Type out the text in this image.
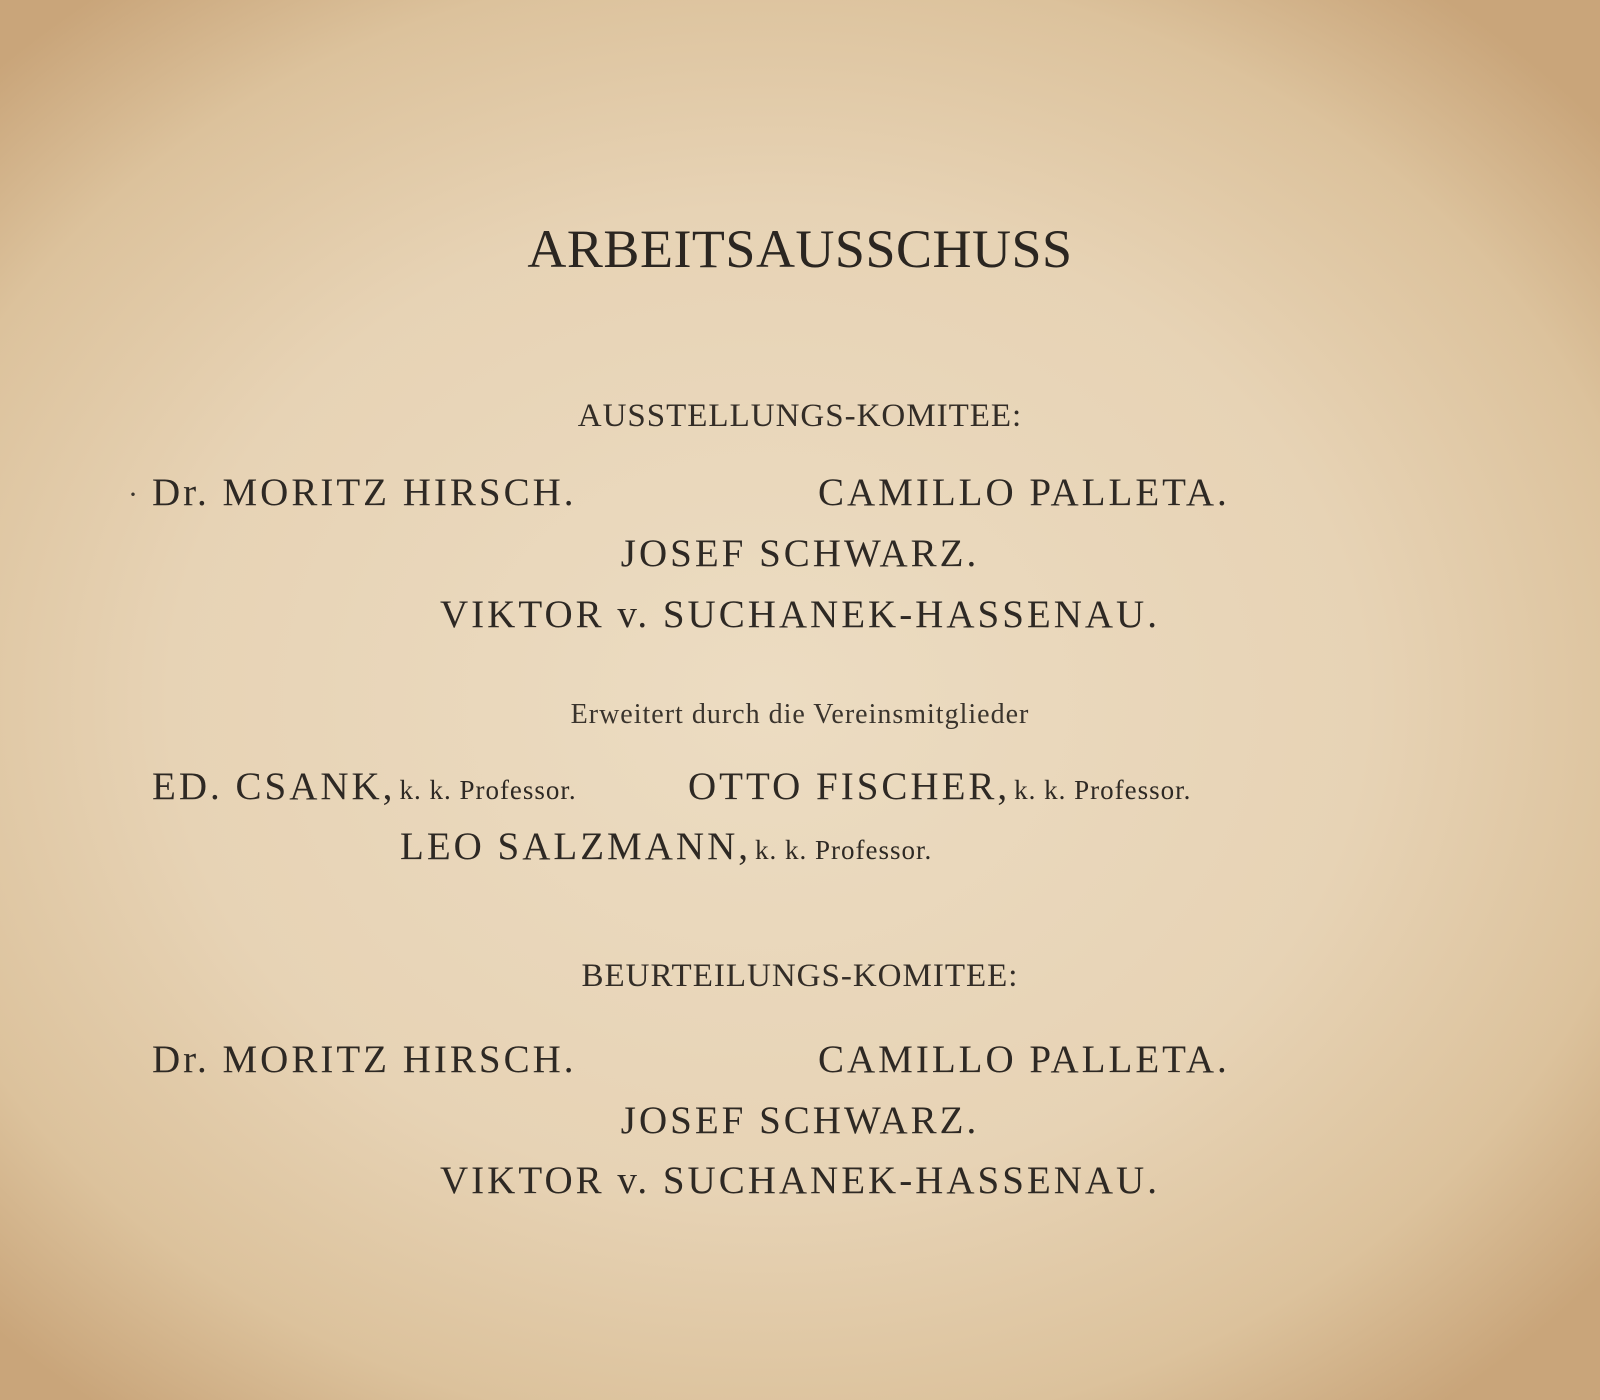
ARBEITSAUSSCHUSS
AUSSTELLUNGS-KOMITEE:
· Dr. MORITZ HIRSCH.	CAMILLO PALLETA.
JOSEF SCHWARZ.
VIKTOR v. SUCHANEK-HASSENAU.
Erweitert durch die Vereinsmitglieder
ED. CSANK, k. k. Professor.	OTTO FISCHER, k. k. Professor.
LEO SALZMANN, k. k. Professor.
BEURTEILUNGS-KOMITEE:
Dr. MORITZ HIRSCH.	CAMILLO PALLETA.
JOSEF SCHWARZ.
VIKTOR v. SUCHANEK-HASSENAU.
